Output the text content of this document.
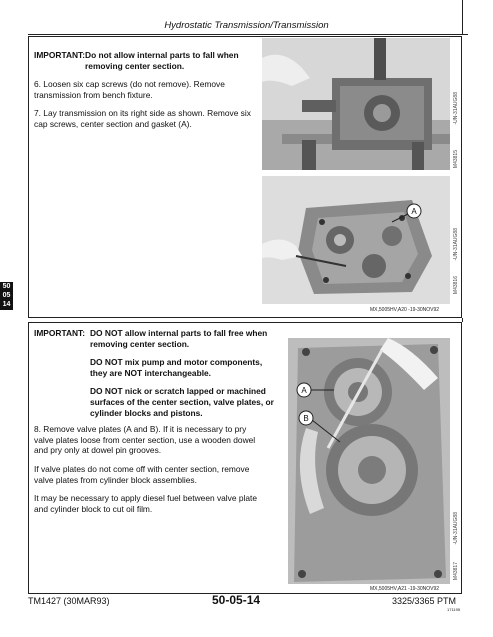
Hydrostatic Transmission/Transmission
50
05
14
IMPORTANT: Do not allow internal parts to fall when removing center section.
6. Loosen six cap screws (do not remove). Remove transmission from bench fixture.
7. Lay transmission on its right side as shown. Remove six cap screws, center section and gasket (A).	-UN-31AUG88
M43815
A
-UN-31AUG88
M43816
MX,5005HV,A20 -19-30NOV92
IMPORTANT: DO NOT allow internal parts to fall free when removing center section.
DO NOT mix pump and motor components, they are NOT interchangeable.
DO NOT nick or scratch lapped or machined surfaces of the center section, valve plates, or cylinder blocks and pistons.
8. Remove valve plates (A and B). If it is necessary to pry valve plates loose from center section, use a wooden dowel and pry only at dowel pin grooves.
If valve plates do not come off with center section, remove valve plates from cylinder block assemblies.
It may be necessary to apply diesel fuel between valve plate and cylinder block to cut oil film.
A
B
-UN-31AUG88
M43817
MX,5005HV,A21 -19-30NOV92
TM1427 (30MAR93)	50-05-14	3325/3365 PTM
171195
